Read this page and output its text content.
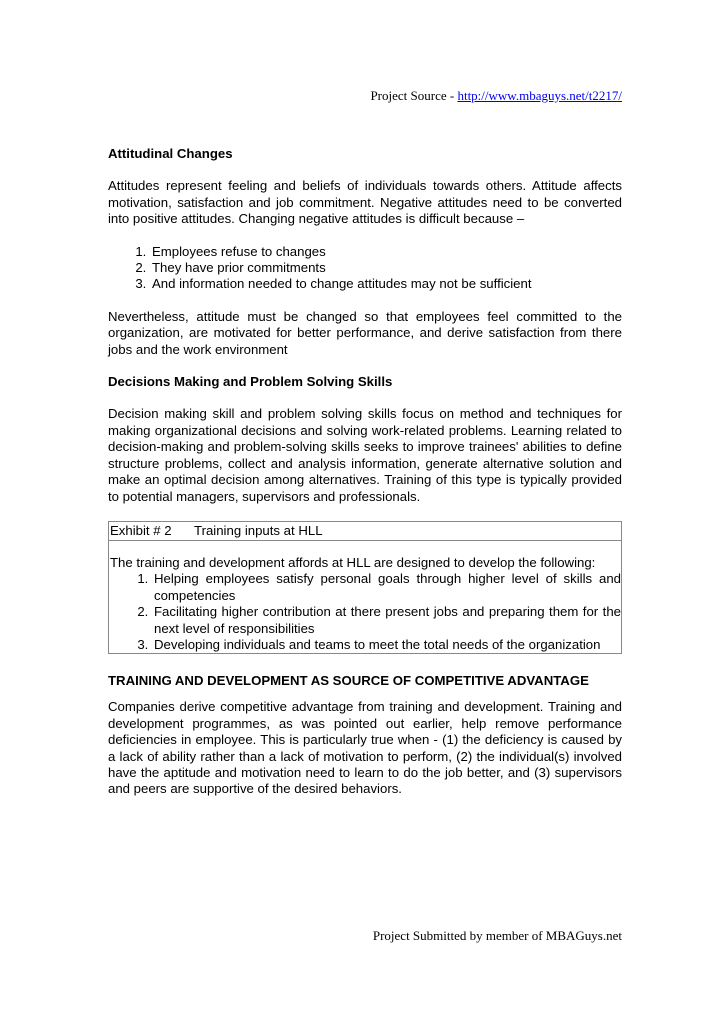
Project Source - http://www.mbaguys.net/t2217/
Attitudinal Changes
Attitudes represent feeling and beliefs of individuals towards others. Attitude affects motivation, satisfaction and job commitment. Negative attitudes need to be converted into positive attitudes. Changing negative attitudes is difficult because –
1. Employees refuse to changes
2. They have prior commitments
3. And information needed to change attitudes may not be sufficient
Nevertheless, attitude must be changed so that employees feel committed to the organization, are motivated for better performance, and derive satisfaction from there jobs and the work environment
Decisions Making and Problem Solving Skills
Decision making skill and problem solving skills focus on method and techniques for making organizational decisions and solving work-related problems. Learning related to decision-making and problem-solving skills seeks to improve trainees' abilities to define structure problems, collect and analysis information, generate alternative solution and make an optimal decision among alternatives. Training of this type is typically provided to potential managers, supervisors and professionals.
Exhibit # 2 Training inputs at HLL
The training and development affords at HLL are designed to develop the following:
1. Helping employees satisfy personal goals through higher level of skills and competencies
2. Facilitating higher contribution at there present jobs and preparing them for the next level of responsibilities
3. Developing individuals and teams to meet the total needs of the organization
TRAINING AND DEVELOPMENT AS SOURCE OF COMPETITIVE ADVANTAGE
Companies derive competitive advantage from training and development. Training and development programmes, as was pointed out earlier, help remove performance deficiencies in employee. This is particularly true when - (1) the deficiency is caused by a lack of ability rather than a lack of motivation to perform, (2) the individual(s) involved have the aptitude and motivation need to learn to do the job better, and (3) supervisors and peers are supportive of the desired behaviors.
Project Submitted by member of MBAGuys.net
